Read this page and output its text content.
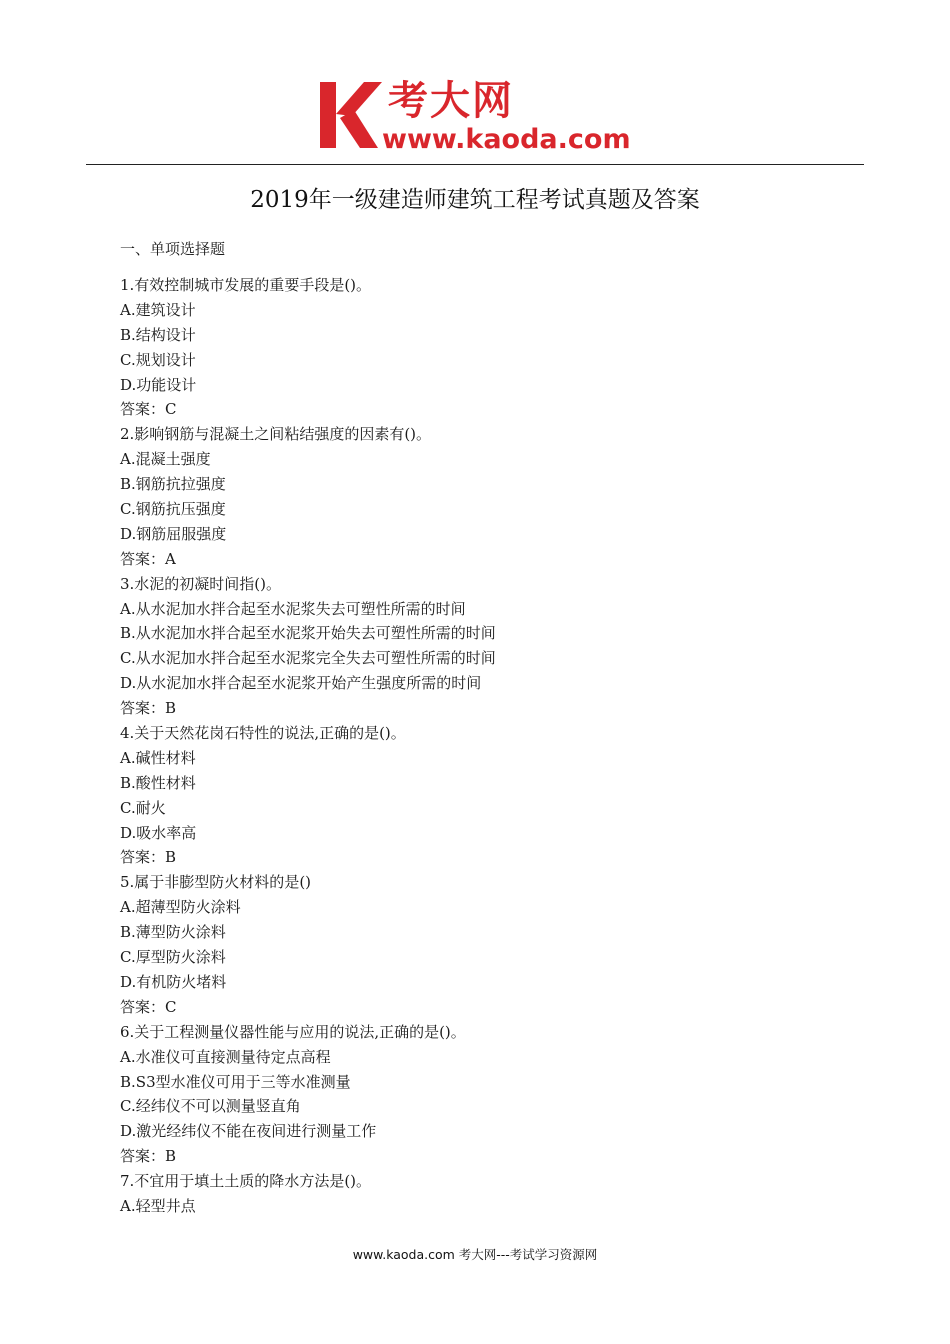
考大网
www.kaoda.com
2019年一级建造师建筑工程考试真题及答案
一、单项选择题
1.有效控制城市发展的重要手段是()。
A.建筑设计
B.结构设计
C.规划设计
D.功能设计
答案：C
2.影响钢筋与混凝土之间粘结强度的因素有()。
A.混凝土强度
B.钢筋抗拉强度
C.钢筋抗压强度
D.钢筋屈服强度
答案：A
3.水泥的初凝时间指()。
A.从水泥加水拌合起至水泥浆失去可塑性所需的时间
B.从水泥加水拌合起至水泥浆开始失去可塑性所需的时间
C.从水泥加水拌合起至水泥浆完全失去可塑性所需的时间
D.从水泥加水拌合起至水泥浆开始产生强度所需的时间
答案：B
4.关于天然花岗石特性的说法,正确的是()。
A.碱性材料
B.酸性材料
C.耐火
D.吸水率高
答案：B
5.属于非膨型防火材料的是()
A.超薄型防火涂料
B.薄型防火涂料
C.厚型防火涂料
D.有机防火堵料
答案：C
6.关于工程测量仪器性能与应用的说法,正确的是()。
A.水准仪可直接测量待定点高程
B.S3型水准仪可用于三等水准测量
C.经纬仪不可以测量竖直角
D.激光经纬仪不能在夜间进行测量工作
答案：B
7.不宜用于填土土质的降水方法是()。
A.轻型井点
www.kaoda.com 考大网---考试学习资源网
